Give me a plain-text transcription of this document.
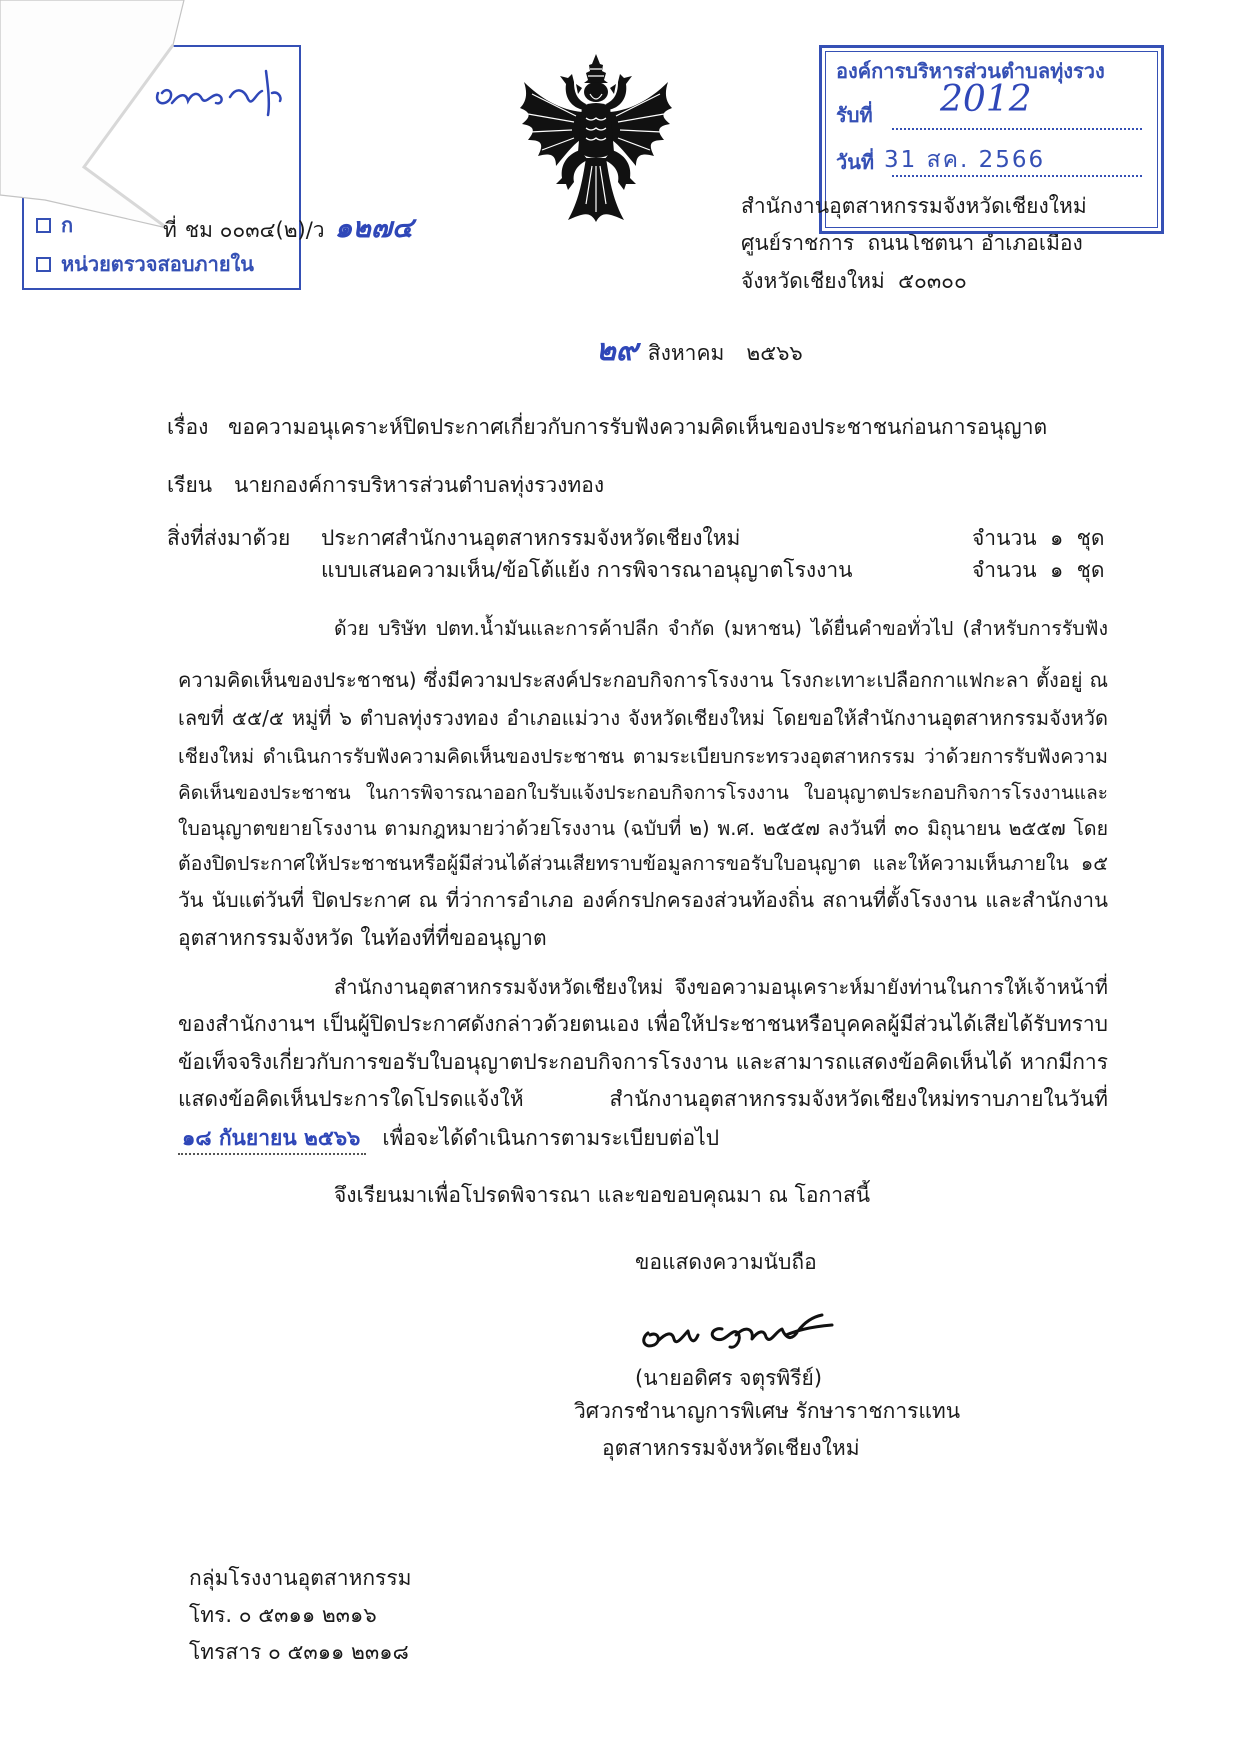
ก
หน่วยตรวจสอบภายใน
ที่ ชม ๐๐๓๔(๒)/ว ๑๒๗๔
องค์การบริหารส่วนตำบลทุ่งรวง
รับที่ 2012
วันที่ 31 สค. 2566
สำนักงานอุตสาหกรรมจังหวัดเชียงใหม่
ศูนย์ราชการ  ถนนโชตนา อำเภอเมือง
จังหวัดเชียงใหม่  ๕๐๓๐๐
๒๙ สิงหาคม ๒๕๖๖
เรื่อง ขอความอนุเคราะห์ปิดประกาศเกี่ยวกับการรับฟังความคิดเห็นของประชาชนก่อนการอนุญาต
เรียน นายกองค์การบริหารส่วนตำบลทุ่งรวงทอง
สิ่งที่ส่งมาด้วย ประกาศสำนักงานอุตสาหกรรมจังหวัดเชียงใหม่	จำนวน  ๑  ชุด
แบบเสนอความเห็น/ข้อโต้แย้ง การพิจารณาอนุญาตโรงงาน	จำนวน  ๑  ชุด
ด้วย บริษัท ปตท.น้ำมันและการค้าปลีก จำกัด (มหาชน) ได้ยื่นคำขอทั่วไป (สำหรับการรับฟัง
ความคิดเห็นของประชาชน) ซึ่งมีความประสงค์ประกอบกิจการโรงงาน โรงกะเทาะเปลือกกาแฟกะลา ตั้งอยู่ ณ
เลขที่ ๕๕/๕ หมู่ที่ ๖ ตำบลทุ่งรวงทอง อำเภอแม่วาง จังหวัดเชียงใหม่ โดยขอให้สำนักงานอุตสาหกรรมจังหวัด
เชียงใหม่ ดำเนินการรับฟังความคิดเห็นของประชาชน ตามระเบียบกระทรวงอุตสาหกรรม ว่าด้วยการรับฟังความ
คิดเห็นของประชาชน ในการพิจารณาออกใบรับแจ้งประกอบกิจการโรงงาน ใบอนุญาตประกอบกิจการโรงงานและ
ใบอนุญาตขยายโรงงาน ตามกฎหมายว่าด้วยโรงงาน (ฉบับที่ ๒) พ.ศ. ๒๕๕๗ ลงวันที่ ๓๐ มิถุนายน ๒๕๕๗ โดย
ต้องปิดประกาศให้ประชาชนหรือผู้มีส่วนได้ส่วนเสียทราบข้อมูลการขอรับใบอนุญาต และให้ความเห็นภายใน ๑๕
วัน นับแต่วันที่ ปิดประกาศ ณ ที่ว่าการอำเภอ องค์กรปกครองส่วนท้องถิ่น สถานที่ตั้งโรงงาน และสำนักงาน
อุตสาหกรรมจังหวัด ในท้องที่ที่ขออนุญาต
สำนักงานอุตสาหกรรมจังหวัดเชียงใหม่ จึงขอความอนุเคราะห์มายังท่านในการให้เจ้าหน้าที่
ของสำนักงานฯ เป็นผู้ปิดประกาศดังกล่าวด้วยตนเอง เพื่อให้ประชาชนหรือบุคคลผู้มีส่วนได้เสียได้รับทราบ
ข้อเท็จจริงเกี่ยวกับการขอรับใบอนุญาตประกอบกิจการโรงงาน และสามารถแสดงข้อคิดเห็นได้ หากมีการ
แสดงข้อคิดเห็นประการใดโปรดแจ้งให้ สำนักงานอุตสาหกรรมจังหวัดเชียงใหม่ทราบภายในวันที่
๑๘ กันยายน ๒๕๖๖ เพื่อจะได้ดำเนินการตามระเบียบต่อไป
จึงเรียนมาเพื่อโปรดพิจารณา และขอขอบคุณมา ณ โอกาสนี้
ขอแสดงความนับถือ
(นายอดิศร จตุรพิรีย์)
วิศวกรชำนาญการพิเศษ รักษาราชการแทน
อุตสาหกรรมจังหวัดเชียงใหม่
กลุ่มโรงงานอุตสาหกรรม
โทร. ๐ ๕๓๑๑ ๒๓๑๖
โทรสาร ๐ ๕๓๑๑ ๒๓๑๘
